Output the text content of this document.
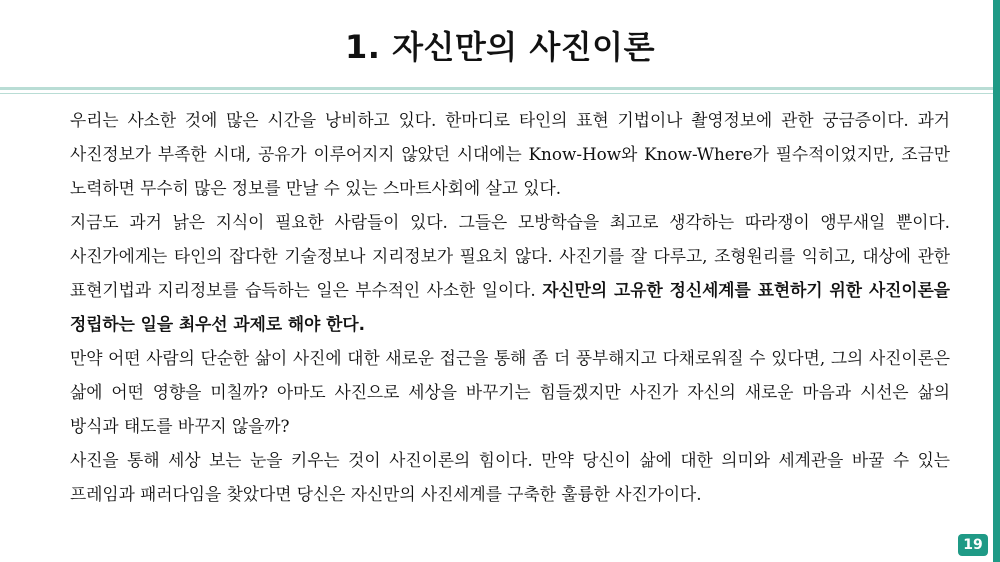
1. 자신만의 사진이론

우리는 사소한 것에 많은 시간을 낭비하고 있다. 한마디로 타인의 표현 기법이나 촬영정보에 관한 궁금증이다. 과거 사진정보가 부족한 시대, 공유가 이루어지지 않았던 시대에는 Know-How와 Know-Where가 필수적이었지만, 조금만 노력하면 무수히 많은 정보를 만날 수 있는 스마트사회에 살고 있다.

지금도 과거 낡은 지식이 필요한 사람들이 있다. 그들은 모방학습을 최고로 생각하는 따라쟁이 앵무새일 뿐이다. 사진가에게는 타인의 잡다한 기술정보나 지리정보가 필요치 않다. 사진기를 잘 다루고, 조형원리를 익히고, 대상에 관한 표현기법과 지리정보를 습득하는 일은 부수적인 사소한 일이다. 자신만의 고유한 정신세계를 표현하기 위한 사진이론을 정립하는 일을 최우선 과제로 해야 한다.

만약 어떤 사람의 단순한 삶이 사진에 대한 새로운 접근을 통해 좀 더 풍부해지고 다채로워질 수 있다면, 그의 사진이론은 삶에 어떤 영향을 미칠까? 아마도 사진으로 세상을 바꾸기는 힘들겠지만 사진가 자신의 새로운 마음과 시선은 삶의 방식과 태도를 바꾸지 않을까?

사진을 통해 세상 보는 눈을 키우는 것이 사진이론의 힘이다. 만약 당신이 삶에 대한 의미와 세계관을 바꿀 수 있는 프레임과 패러다임을 찾았다면 당신은 자신만의 사진세계를 구축한 훌륭한 사진가이다.

19
